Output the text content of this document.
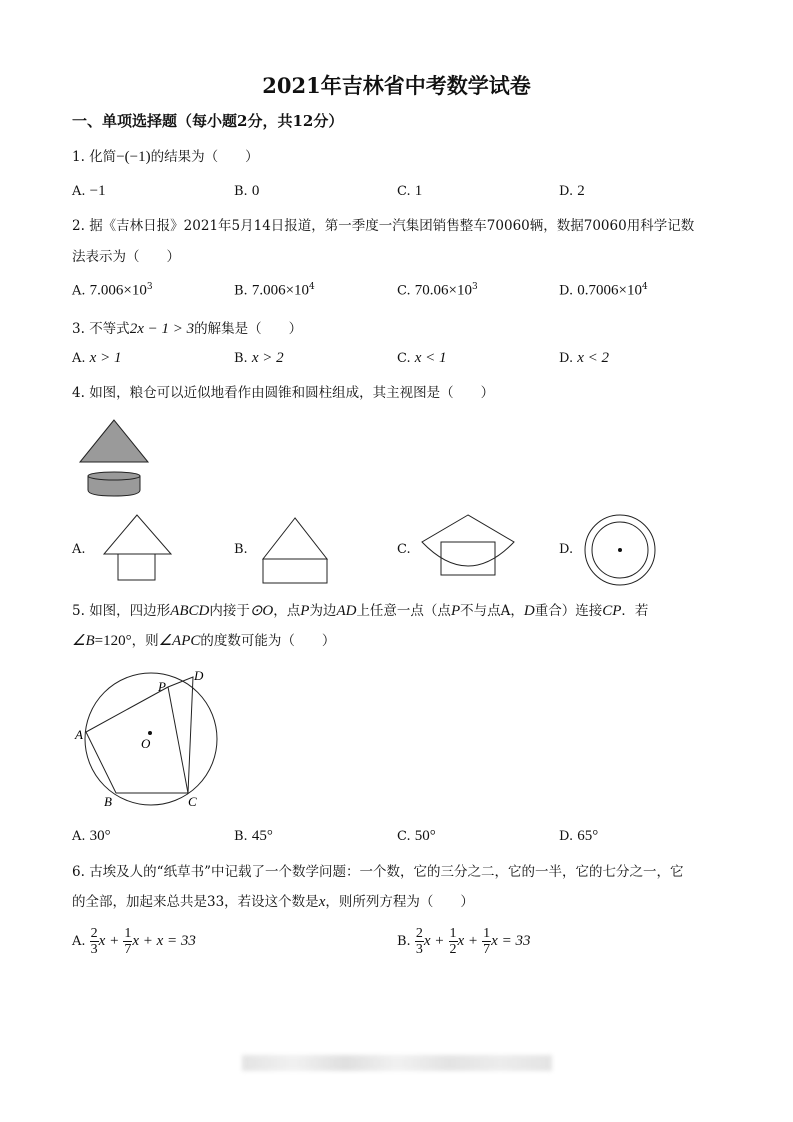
2021年吉林省中考数学试卷
一、单项选择题（每小题2分，共12分）
1. 化简−(−1)的结果为（　　）
A. −1	B. 0	C. 1	D. 2
2. 据《吉林日报》2021年5月14日报道，第一季度一汽集团销售整车70060辆，数据70060用科学记数
法表示为（　　）
A. $7.006\times 10^3$	B. $7.006\times 10^4$	C. $70.06\times 10^3$	D. $0.7006\times 10^4$
3. 不等式2x − 1 > 3的解集是（　　）
A. x > 1	B. x > 2	C. x < 1	D. x < 2
4. 如图，粮仓可以近似地看作由圆锥和圆柱组成，其主视图是（　　）
A.	B.	C.	D.
5. 如图，四边形ABCD内接于⊙O，点P为边AD上任意一点（点P不与点A，D重合）连接CP．若
∠B=120°，则∠APC的度数可能为（　　）
A
B	C
D
P
O
A. 30°	B. 45°	C. 50°	D. 65°
6. 古埃及人的“纸草书”中记载了一个数学问题：一个数，它的三分之二，它的一半，它的七分之一，它
的全部，加起来总共是33，若设这个数是x，则所列方程为（　　）
A. $\frac{2}{3}$ $x + \frac{1}{7}$ x + x = 33	B. $\frac{2}{3}$ $x + \frac{1}{2}$ $x + \frac{1}{7}$ x = 33
